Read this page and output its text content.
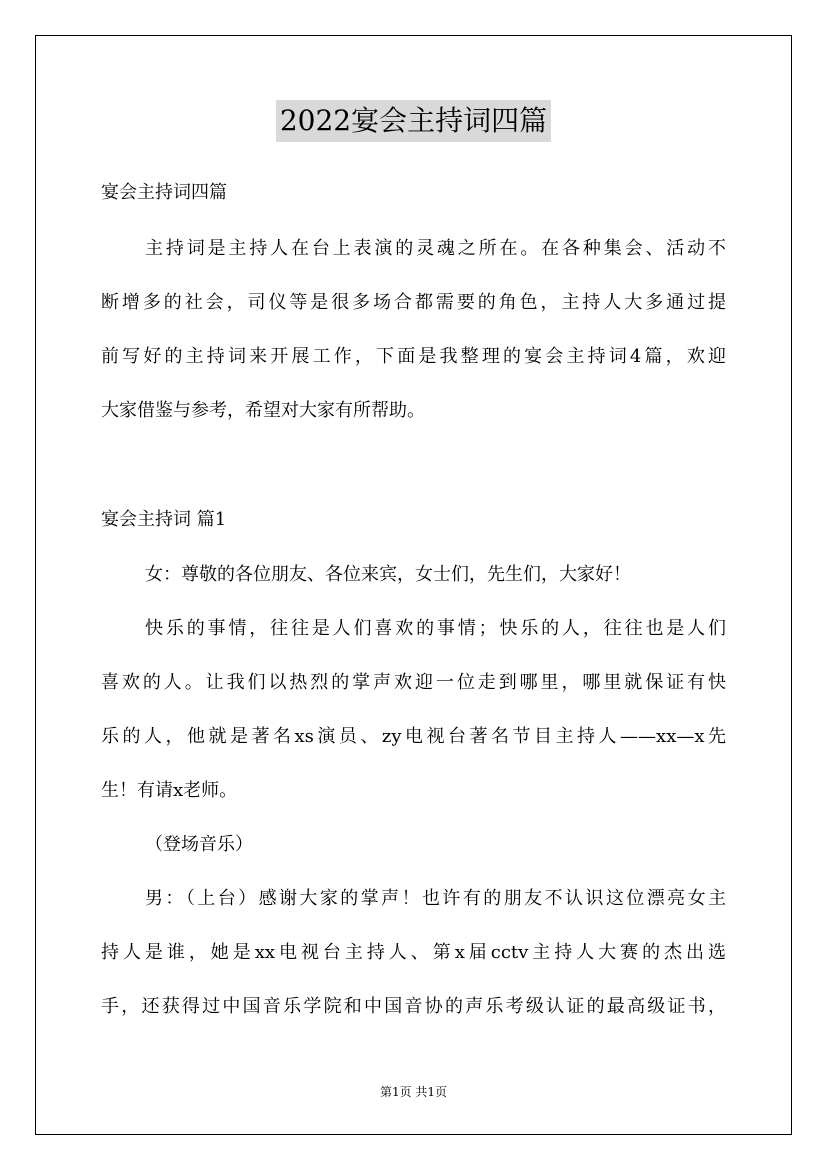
2022宴会主持词四篇
宴会主持词四篇
主持词是主持人在台上表演的灵魂之所在。在各种集会、活动不
断增多的社会，司仪等是很多场合都需要的角色，主持人大多通过提
前写好的主持词来开展工作，下面是我整理的宴会主持词4篇，欢迎
大家借鉴与参考，希望对大家有所帮助。
宴会主持词 篇1
女：尊敬的各位朋友、各位来宾，女士们，先生们，大家好！
快乐的事情，往往是人们喜欢的事情；快乐的人，往往也是人们
喜欢的人。让我们以热烈的掌声欢迎一位走到哪里，哪里就保证有快
乐的人，他就是著名xs演员、zy电视台著名节目主持人——xx—x先
生！有请x老师。
（登场音乐）
男：（上台）感谢大家的掌声！也许有的朋友不认识这位漂亮女主
持人是谁，她是xx电视台主持人、第x届cctv主持人大赛的杰出选
手，还获得过中国音乐学院和中国音协的声乐考级认证的最高级证书，
第1页 共1页
